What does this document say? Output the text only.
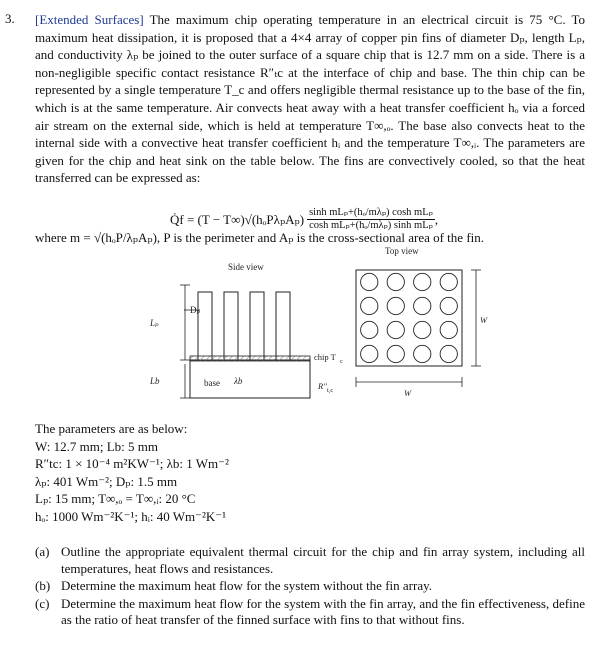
3. [Extended Surfaces] The maximum chip operating temperature in an electrical circuit is 75 °C. To maximum heat dissipation, it is proposed that a 4×4 array of copper pin fins of diameter Dₚ, length Lₚ, and conductivity λₚ be joined to the outer surface of a square chip that is 12.7 mm on a side. There is a non-negligible specific contact resistance R″ₜc at the interface of chip and base. The thin chip can be represented by a single temperature T_c and offers negligible thermal resistance up to the base of the fin, which is at the same temperature. Air convects heat away with a heat transfer coefficient hₒ via a forced air stream on the external side, which is held at temperature T∞,ₒ. The base also convects heat to the internal side with a convective heat transfer coefficient hᵢ and the temperature T∞,ᵢ. The parameters are given for the chip and heat sink on the table below. The fins are convectively cooled, so that the heat transferred can be expressed as:
Q̇f = $(T - T\infty)√(h_oP\lambda_pA_p) \frac{\text{sinh mLₚ+(hₒ/mλₚ) cosh mLₚ}}{\text{cosh mLₚ+(hₒ/mλₚ) sinh mLₚ}}$ ,
where m = √(hₒP/λₚAₚ), P is the perimeter and Aₚ is the cross-sectional area of the fin.
Side view
Dₚ
Lₚ
Lb	base λb
chip T c
R″ t,c
Top view
W
W
The parameters are as below:
W: 12.7 mm; Lb: 5 mm
R″tc: 1 × 10⁻⁴ m²KW⁻¹; λb: 1 Wm⁻²
λₚ: 401 Wm⁻²; Dₚ: 1.5 mm
Lₚ: 15 mm; T∞,ₒ = T∞,ᵢ: 20 °C
hₒ: 1000 Wm⁻²K⁻¹; hᵢ: 40 Wm⁻²K⁻¹
(a) Outline the appropriate equivalent thermal circuit for the chip and fin array system, including all temperatures, heat flows and resistances.
(b) Determine the maximum heat flow for the system without the fin array.
(c) Determine the maximum heat flow for the system with the fin array, and the fin effectiveness, define as the ratio of heat transfer of the finned surface with fins to that without fins.
